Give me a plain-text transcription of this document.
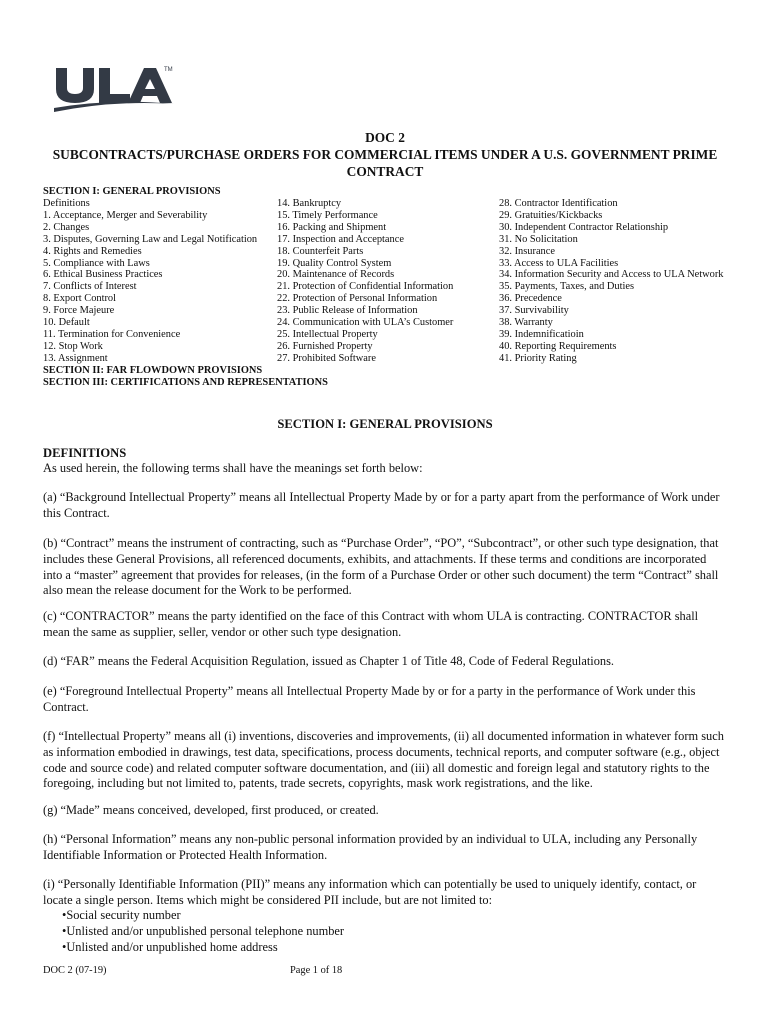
TM
DOC 2
SUBCONTRACTS/PURCHASE ORDERS FOR COMMERCIAL ITEMS UNDER A U.S. GOVERNMENT PRIME CONTRACT
SECTION I: GENERAL PROVISIONS
Definitions
1. Acceptance, Merger and Severability
2. Changes
3. Disputes, Governing Law and Legal Notification
4. Rights and Remedies
5. Compliance with Laws
6. Ethical Business Practices
7. Conflicts of Interest
8. Export Control
9. Force Majeure
10. Default
11. Termination for Convenience
12. Stop Work
13. Assignment
14. Bankruptcy
15. Timely Performance
16. Packing and Shipment
17. Inspection and Acceptance
18. Counterfeit Parts
19. Quality Control System
20. Maintenance of Records
21. Protection of Confidential Information
22. Protection of Personal Information
23. Public Release of Information
24. Communication with ULA’s Customer
25. Intellectual Property
26. Furnished Property
27. Prohibited Software
28. Contractor Identification
29. Gratuities/Kickbacks
30. Independent Contractor Relationship
31. No Solicitation
32. Insurance
33. Access to ULA Facilities
34. Information Security and Access to ULA Network
35. Payments, Taxes, and Duties
36. Precedence
37. Survivability
38. Warranty
39. Indemnificatioin
40. Reporting Requirements
41. Priority Rating
SECTION II: FAR FLOWDOWN PROVISIONS
SECTION III: CERTIFICATIONS AND REPRESENTATIONS
SECTION I: GENERAL PROVISIONS
DEFINITIONS
As used herein, the following terms shall have the meanings set forth below:

(a) “Background Intellectual Property” means all Intellectual Property Made by or for a party apart from the performance of Work under this Contract.

(b) “Contract” means the instrument of contracting, such as “Purchase Order”, “PO”, “Subcontract”, or other such type designation, that includes these General Provisions, all referenced documents, exhibits, and attachments. If these terms and conditions are incorporated into a “master” agreement that provides for releases, (in the form of a Purchase Order or other such document) the term “Contract” shall also mean the release document for the Work to be performed.

(c) “CONTRACTOR” means the party identified on the face of this Contract with whom ULA is contracting. CONTRACTOR shall mean the same as supplier, seller, vendor or other such type designation.

(d) “FAR” means the Federal Acquisition Regulation, issued as Chapter 1 of Title 48, Code of Federal Regulations.

(e) “Foreground Intellectual Property” means all Intellectual Property Made by or for a party in the performance of Work under this Contract.

(f) “Intellectual Property” means all (i) inventions, discoveries and improvements, (ii) all documented information in whatever form such as information embodied in drawings, test data, specifications, process documents, technical reports, and computer software (e.g., object code and source code) and related computer software documentation, and (iii) all domestic and foreign legal and statutory rights to the foregoing, including but not limited to, patents, trade secrets, copyrights, mask work registrations, and the like.

(g) “Made” means conceived, developed, first produced, or created.

(h) “Personal Information” means any non-public personal information provided by an individual to ULA, including any Personally Identifiable Information or Protected Health Information.

(i) “Personally Identifiable Information (PII)” means any information which can potentially be used to uniquely identify, contact, or locate a single person. Items which might be considered PII include, but are not limited to:

• Social security number
• Unlisted and/or unpublished personal telephone number
• Unlisted and/or unpublished home address
DOC 2 (07-19)	Page 1 of 18
